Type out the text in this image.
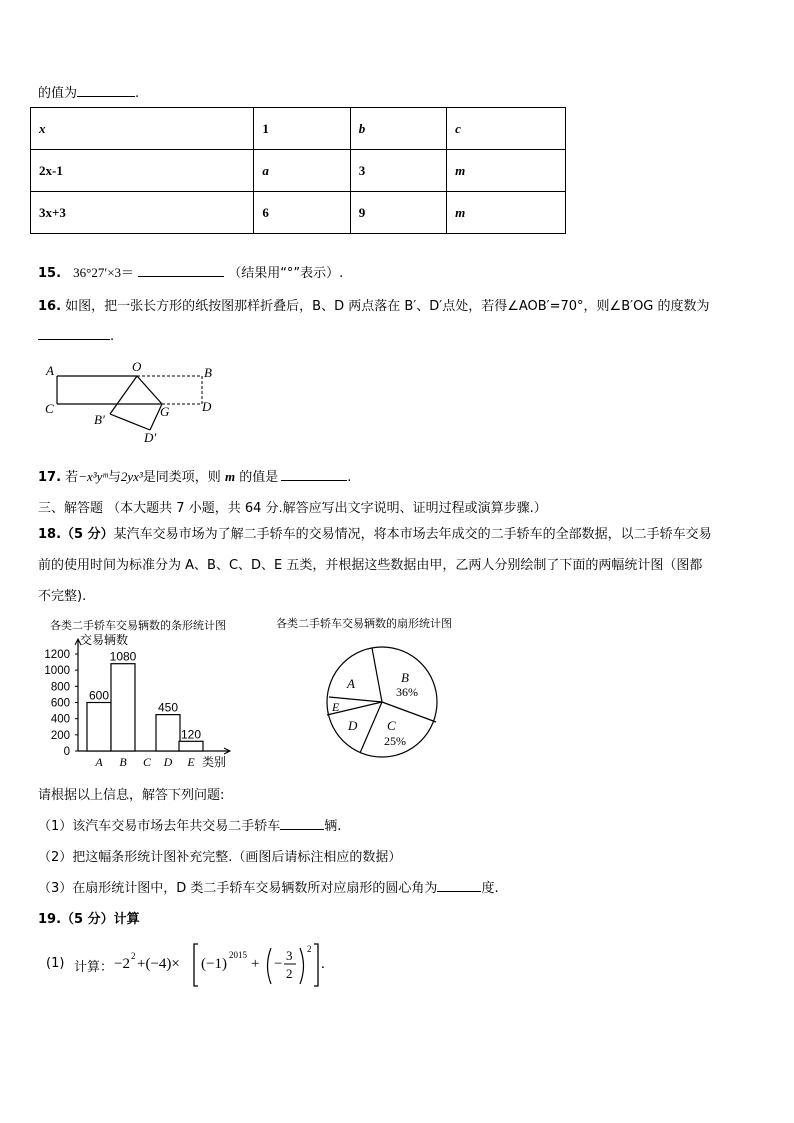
的值为	.
x	1	b	c
2x-1	a	3	m
3x+3	6	9	m
15. 36°27′×3＝	（结果用“°”表示）.
16. 如图，把一张长方形的纸按图那样折叠后，B、D 两点落在 B′、D′点处，若得∠AOB′=70°，则∠B′OG 的度数为
.
A	O	B
C
B′
G	D
D′
17. 若−x³yᵐ与2yx³是同类项，则 m 的值是	.
三、解答题 （本大题共 7 小题，共 64 分.解答应写出文字说明、证明过程或演算步骤.）
18.（5 分）某汽车交易市场为了解二手轿车的交易情况，将本市场去年成交的二手轿车的全部数据，以二手轿车交易
前的使用时间为标准分为 A、B、C、D、E 五类，并根据这些数据由甲，乙两人分别绘制了下面的两幅统计图（图都
不完整).
各类二手轿车交易辆数的条形统计图
交易辆数
类别
0
200
400
600
800
1000
1200
A
600
B
1080
C D
450
E
120
各类二手轿车交易辆数的扇形统计图
A	B
36%
C
25%
D
E
请根据以上信息，解答下列问题:
（1）该汽车交易市场去年共交易二手轿车	辆.
（2）把这幅条形统计图补充完整.（画图后请标注相应的数据）
（3）在扇形统计图中，D 类二手轿车交易辆数所对应扇形的圆心角为	度.
19.（5 分）计算
(1) 计算： −2 2 +(−4)× (−1)
2015
+ −
3
2
2
.
